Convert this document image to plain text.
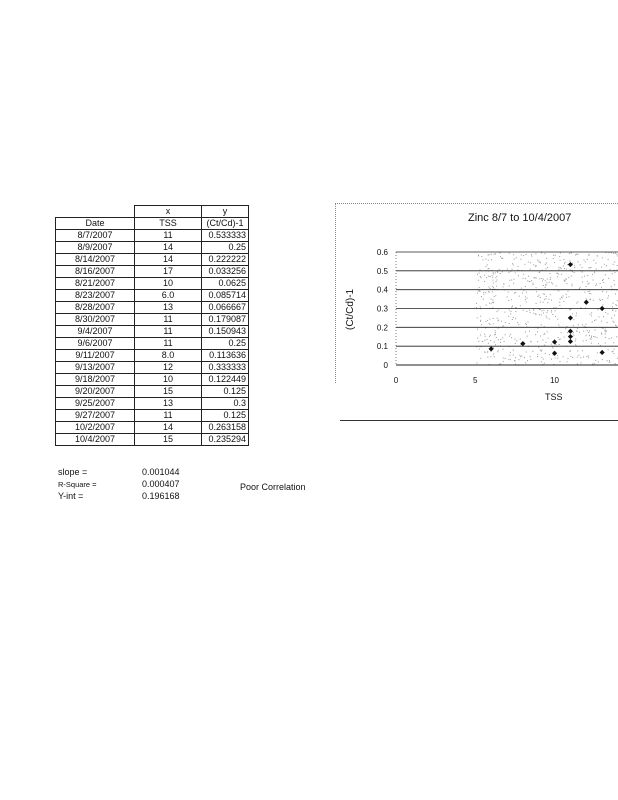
	x	y
Date	TSS	(Ct/Cd)-1
8/7/2007	11	0.533333
8/9/2007	14	0.25
8/14/2007	14	0.222222
8/16/2007	17	0.033256
8/21/2007	10	0.0625
8/23/2007	6.0	0.085714
8/28/2007	13	0.066667
8/30/2007	11	0.179087
9/4/2007	11	0.150943
9/6/2007	11	0.25
9/11/2007	8.0	0.113636
9/13/2007	12	0.333333
9/18/2007	10	0.122449
9/20/2007	15	0.125
9/25/2007	13	0.3
9/27/2007	11	0.125
10/2/2007	14	0.263158
10/4/2007	15	0.235294
slope =	0.001044
R-Square =	0.000407
Y-int =	0.196168
Poor Correlation
Zinc 8/7 to 10/4/2007
(Ct/Cd)-1
TSS
0
0.1
0.2
0.3
0.4
0.5
0.6
0	5	10
